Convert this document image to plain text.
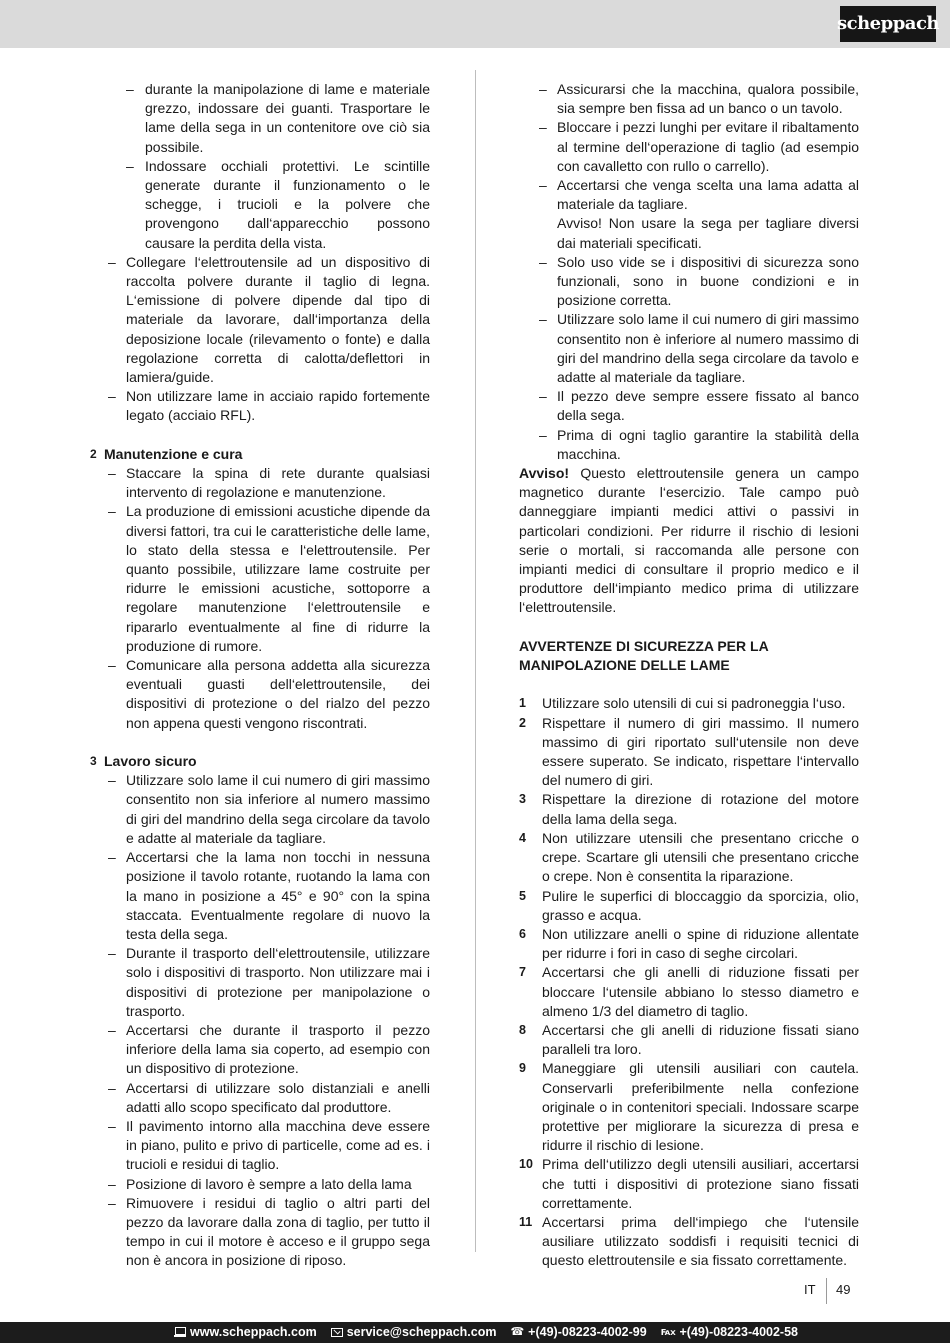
scheppach
– durante la manipolazione di lame e materiale grezzo, indossare dei guanti. Trasportare le lame della sega in un contenitore ove ciò sia possibile.
– Indossare occhiali protettivi. Le scintille generate durante il funzionamento o le schegge, i trucioli e la polvere che provengono dall‘apparecchio possono causare la perdita della vista.
– Collegare l‘elettroutensile ad un dispositivo di raccolta polvere durante il taglio di legna. L‘emissione di polvere dipende dal tipo di materiale da lavorare, dall‘importanza della deposizione locale (rilevamento o fonte) e dalla regolazione corretta di calotta/deflettori in lamiera/guide.
– Non utilizzare lame in acciaio rapido fortemente legato (acciaio RFL).
2 Manutenzione e cura
– Staccare la spina di rete durante qualsiasi intervento di regolazione e manutenzione.
– La produzione di emissioni acustiche dipende da diversi fattori, tra cui le caratteristiche delle lame, lo stato della stessa e l‘elettroutensile. Per quanto possibile, utilizzare lame costruite per ridurre le emissioni acustiche, sottoporre a regolare manutenzione l‘elettroutensile e ripararlo eventualmente al fine di ridurre la produzione di rumore.
– Comunicare alla persona addetta alla sicurezza eventuali guasti dell‘elettroutensile, dei dispositivi di protezione o del rialzo del pezzo non appena questi vengono riscontrati.
3 Lavoro sicuro
– Utilizzare solo lame il cui numero di giri massimo consentito non sia inferiore al numero massimo di giri del mandrino della sega circolare da tavolo e adatte al materiale da tagliare.
– Accertarsi che la lama non tocchi in nessuna posizione il tavolo rotante, ruotando la lama con la mano in posizione a 45° e 90° con la spina staccata. Eventualmente regolare di nuovo la testa della sega.
– Durante il trasporto dell‘elettroutensile, utilizzare solo i dispositivi di trasporto. Non utilizzare mai i dispositivi di protezione per manipolazione o trasporto.
– Accertarsi che durante il trasporto il pezzo inferiore della lama sia coperto, ad esempio con un dispositivo di protezione.
– Accertarsi di utilizzare solo distanziali e anelli adatti allo scopo specificato dal produttore.
– Il pavimento intorno alla macchina deve essere in piano, pulito e privo di particelle, come ad es. i trucioli e residui di taglio.
– Posizione di lavoro è sempre a lato della lama
– Rimuovere i residui di taglio o altri parti del pezzo da lavorare dalla zona di taglio, per tutto il tempo in cui il motore è acceso e il gruppo sega non è ancora in posizione di riposo.
– Assicurarsi che la macchina, qualora possibile, sia sempre ben fissa ad un banco o un tavolo.
– Bloccare i pezzi lunghi per evitare il ribaltamento al termine dell‘operazione di taglio (ad esempio con cavalletto con rullo o carrello).
– Accertarsi che venga scelta una lama adatta al materiale da tagliare.
Avviso! Non usare la sega per tagliare diversi dai materiali specificati.
– Solo uso vide se i dispositivi di sicurezza sono funzionali, sono in buone condizioni e in posizione corretta.
– Utilizzare solo lame il cui numero di giri massimo consentito non è inferiore al numero massimo di giri del mandrino della sega circolare da tavolo e adatte al materiale da tagliare.
– Il pezzo deve sempre essere fissato al banco della sega.
– Prima di ogni taglio garantire la stabilità della macchina.
Avviso! Questo elettroutensile genera un campo magnetico durante l‘esercizio. Tale campo può danneggiare impianti medici attivi o passivi in particolari condizioni. Per ridurre il rischio di lesioni serie o mortali, si raccomanda alle persone con impianti medici di consultare il proprio medico e il produttore dell‘impianto medico prima di utilizzare l‘elettroutensile.
AVVERTENZE DI SICUREZZA PER LA
MANIPOLAZIONE DELLE LAME
1 Utilizzare solo utensili di cui si padroneggia l‘uso.
2 Rispettare il numero di giri massimo. Il numero massimo di giri riportato sull‘utensile non deve essere superato. Se indicato, rispettare l‘intervallo del numero di giri.
3 Rispettare la direzione di rotazione del motore della lama della sega.
4 Non utilizzare utensili che presentano cricche o crepe. Scartare gli utensili che presentano cricche o crepe. Non è consentita la riparazione.
5 Pulire le superfici di bloccaggio da sporcizia, olio, grasso e acqua.
6 Non utilizzare anelli o spine di riduzione allentate per ridurre i fori in caso di seghe circolari.
7 Accertarsi che gli anelli di riduzione fissati per bloccare l‘utensile abbiano lo stesso diametro e almeno 1/3 del diametro di taglio.
8 Accertarsi che gli anelli di riduzione fissati siano paralleli tra loro.
9 Maneggiare gli utensili ausiliari con cautela. Conservarli preferibilmente nella confezione originale o in contenitori speciali. Indossare scarpe protettive per migliorare la sicurezza di presa e ridurre il rischio di lesione.
10 Prima dell‘utilizzo degli utensili ausiliari, accertarsi che tutti i dispositivi di protezione siano fissati correttamente.
11 Accertarsi prima dell‘impiego che l‘utensile ausiliare utilizzato soddisfi i requisiti tecnici di questo elettroutensile e sia fissato correttamente.
IT 49
www.scheppach.com service@scheppach.com ☎ +(49)-08223-4002-99 ℻ +(49)-08223-4002-58
